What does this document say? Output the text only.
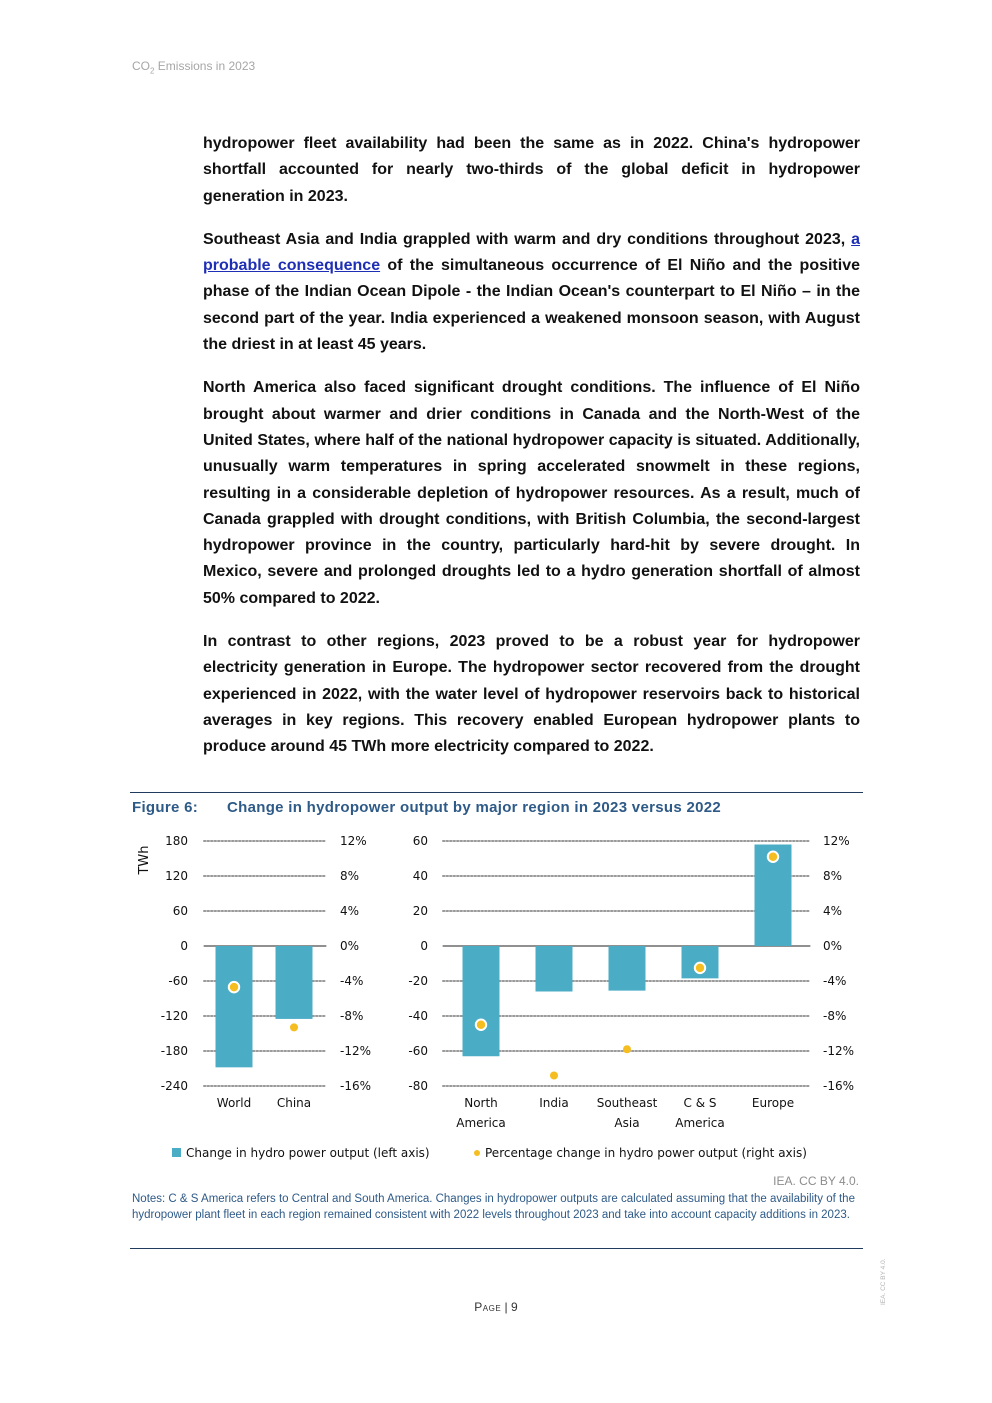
$CO_2$ Emissions in 2023

hydropower fleet availability had been the same as in 2022. China's hydropower shortfall accounted for nearly two-thirds of the global deficit in hydropower generation in 2023.

Southeast Asia and India grappled with warm and dry conditions throughout 2023, a probable consequence of the simultaneous occurrence of El Niño and the positive phase of the Indian Ocean Dipole - the Indian Ocean's counterpart to El Niño – in the second part of the year. India experienced a weakened monsoon season, with August the driest in at least 45 years.

North America also faced significant drought conditions. The influence of El Niño brought about warmer and drier conditions in Canada and the North-West of the United States, where half of the national hydropower capacity is situated. Additionally, unusually warm temperatures in spring accelerated snowmelt in these regions, resulting in a considerable depletion of hydropower resources. As a result, much of Canada grappled with drought conditions, with British Columbia, the second-largest hydropower province in the country, particularly hard-hit by severe drought. In Mexico, severe and prolonged droughts led to a hydro generation shortfall of almost 50% compared to 2022.

In contrast to other regions, 2023 proved to be a robust year for hydropower electricity generation in Europe. The hydropower sector recovered from the drought experienced in 2022, with the water level of hydropower reservoirs back to historical averages in key regions. This recovery enabled European hydropower plants to produce around 45 TWh more electricity compared to 2022.

Figure 6: Change in hydropower output by major region in 2023 versus 2022
180	12%
120	8%
60	4%
0	0%
-60	-4%
-120	-8%
-180	-12%
-240	-16%
World China
TWh
60	12%
40	8%
20	4%
0	0%
-20	-4%
-40	-8%
-60	-12%
-80	-16%
North
America
India Southeast
Asia
C & S
America
Europe
Change in hydro power output (left axis)	Percentage change in hydro power output (right axis)
IEA. CC BY 4.0.
Notes: C & S America refers to Central and South America. Changes in hydropower outputs are calculated assuming that the availability of the hydropower plant fleet in each region remained consistent with 2022 levels throughout 2023 and take into account capacity additions in 2023.
Page | 9
IEA. CC BY 4.0.
